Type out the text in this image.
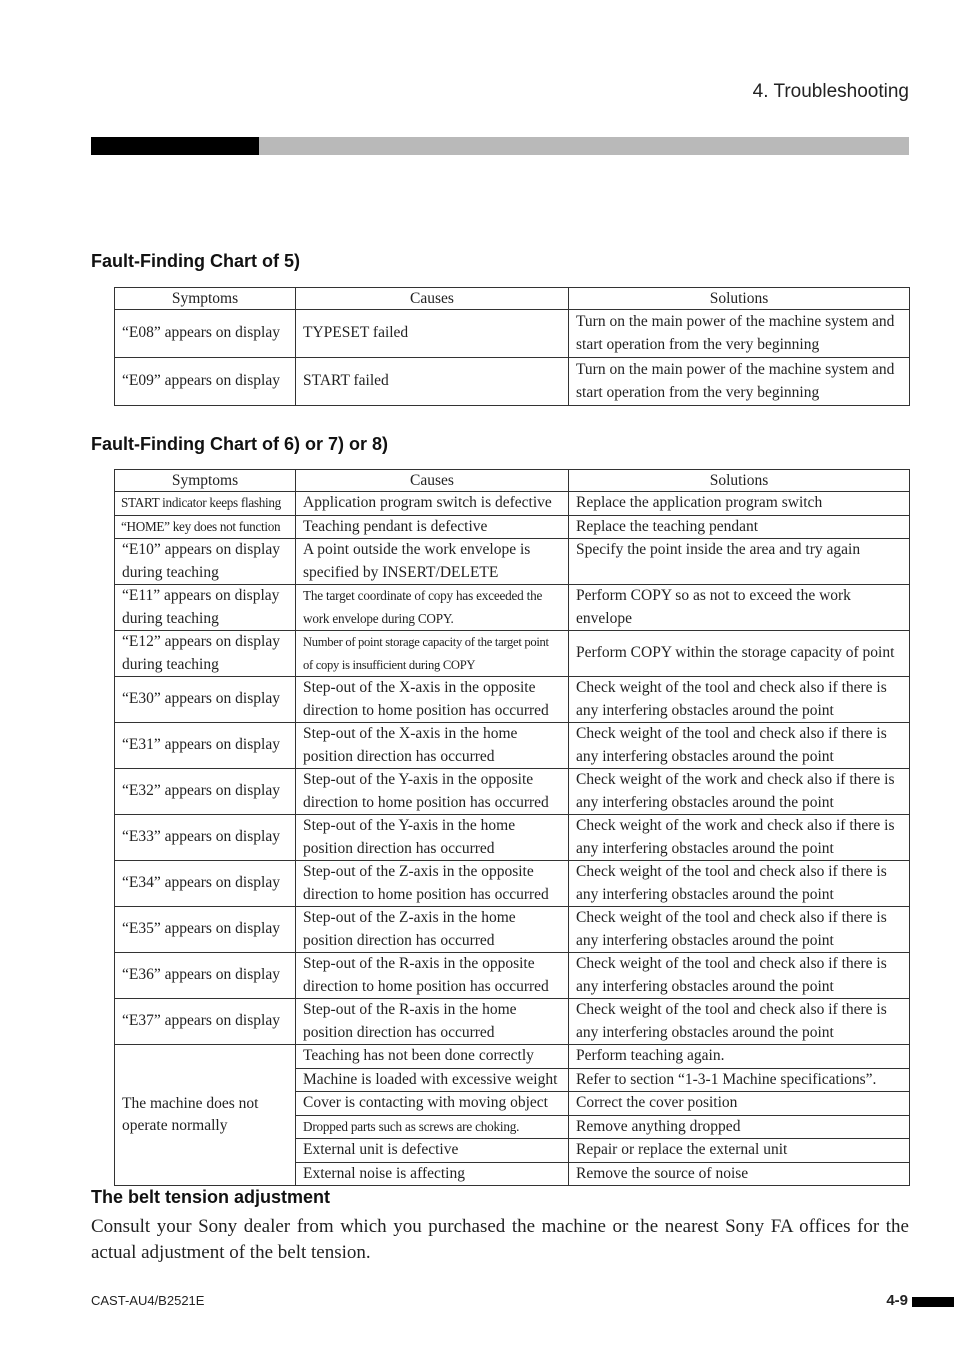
4. Troubleshooting
Fault-Finding Chart of 5)
Symptoms	Causes	Solutions
“E08” appears on display	TYPESET failed	Turn on the main power of the machine system and start operation from the very beginning
“E09” appears on display	START failed	Turn on the main power of the machine system and start operation from the very beginning
Fault-Finding Chart of 6) or 7) or 8)
Symptoms	Causes	Solutions
START indicator keeps flashing	Application program switch is defective	Replace the application program switch
“HOME” key does not function	Teaching pendant is defective	Replace the teaching pendant
“E10” appears on display during teaching	A point outside the work envelope is specified by INSERT/DELETE	Specify the point inside the area and try again
“E11” appears on display during teaching	The target coordinate of copy has exceeded the work envelope during COPY.	Perform COPY so as not to exceed the work envelope
“E12” appears on display during teaching	Number of point storage capacity of the target point of copy is insufficient during COPY	Perform COPY within the storage capacity of point
“E30” appears on display	Step-out of the X-axis in the opposite direction to home position has occurred	Check weight of the tool and check also if there is any interfering obstacles around the point
“E31” appears on display	Step-out of the X-axis in the home position direction has occurred	Check weight of the tool and check also if there is any interfering obstacles around the point
“E32” appears on display	Step-out of the Y-axis in the opposite direction to home position has occurred	Check weight of the work and check also if there is any interfering obstacles around the point
“E33” appears on display	Step-out of the Y-axis in the home position direction has occurred	Check weight of the work and check also if there is any interfering obstacles around the point
“E34” appears on display	Step-out of the Z-axis in the opposite direction to home position has occurred	Check weight of the tool and check also if there is any interfering obstacles around the point
“E35” appears on display	Step-out of the Z-axis in the home position direction has occurred	Check weight of the tool and check also if there is any interfering obstacles around the point
“E36” appears on display	Step-out of the R-axis in the opposite direction to home position has occurred	Check weight of the tool and check also if there is any interfering obstacles around the point
“E37” appears on display	Step-out of the R-axis in the home position direction has occurred	Check weight of the tool and check also if there is any interfering obstacles around the point
The machine does not operate normally	Teaching has not been done correctly	Perform teaching again.
	Machine is loaded with excessive weight	Refer to section “1-3-1 Machine specifications”.
	Cover is contacting with moving object	Correct the cover position
	Dropped parts such as screws are choking.	Remove anything dropped
	External unit is defective	Repair or replace the external unit
	External noise is affecting	Remove the source of noise
The belt tension adjustment

Consult your Sony dealer from which you purchased the machine or the nearest Sony FA offices for the actual adjustment of the belt tension.

CAST-AU4/B2521E	4-9
